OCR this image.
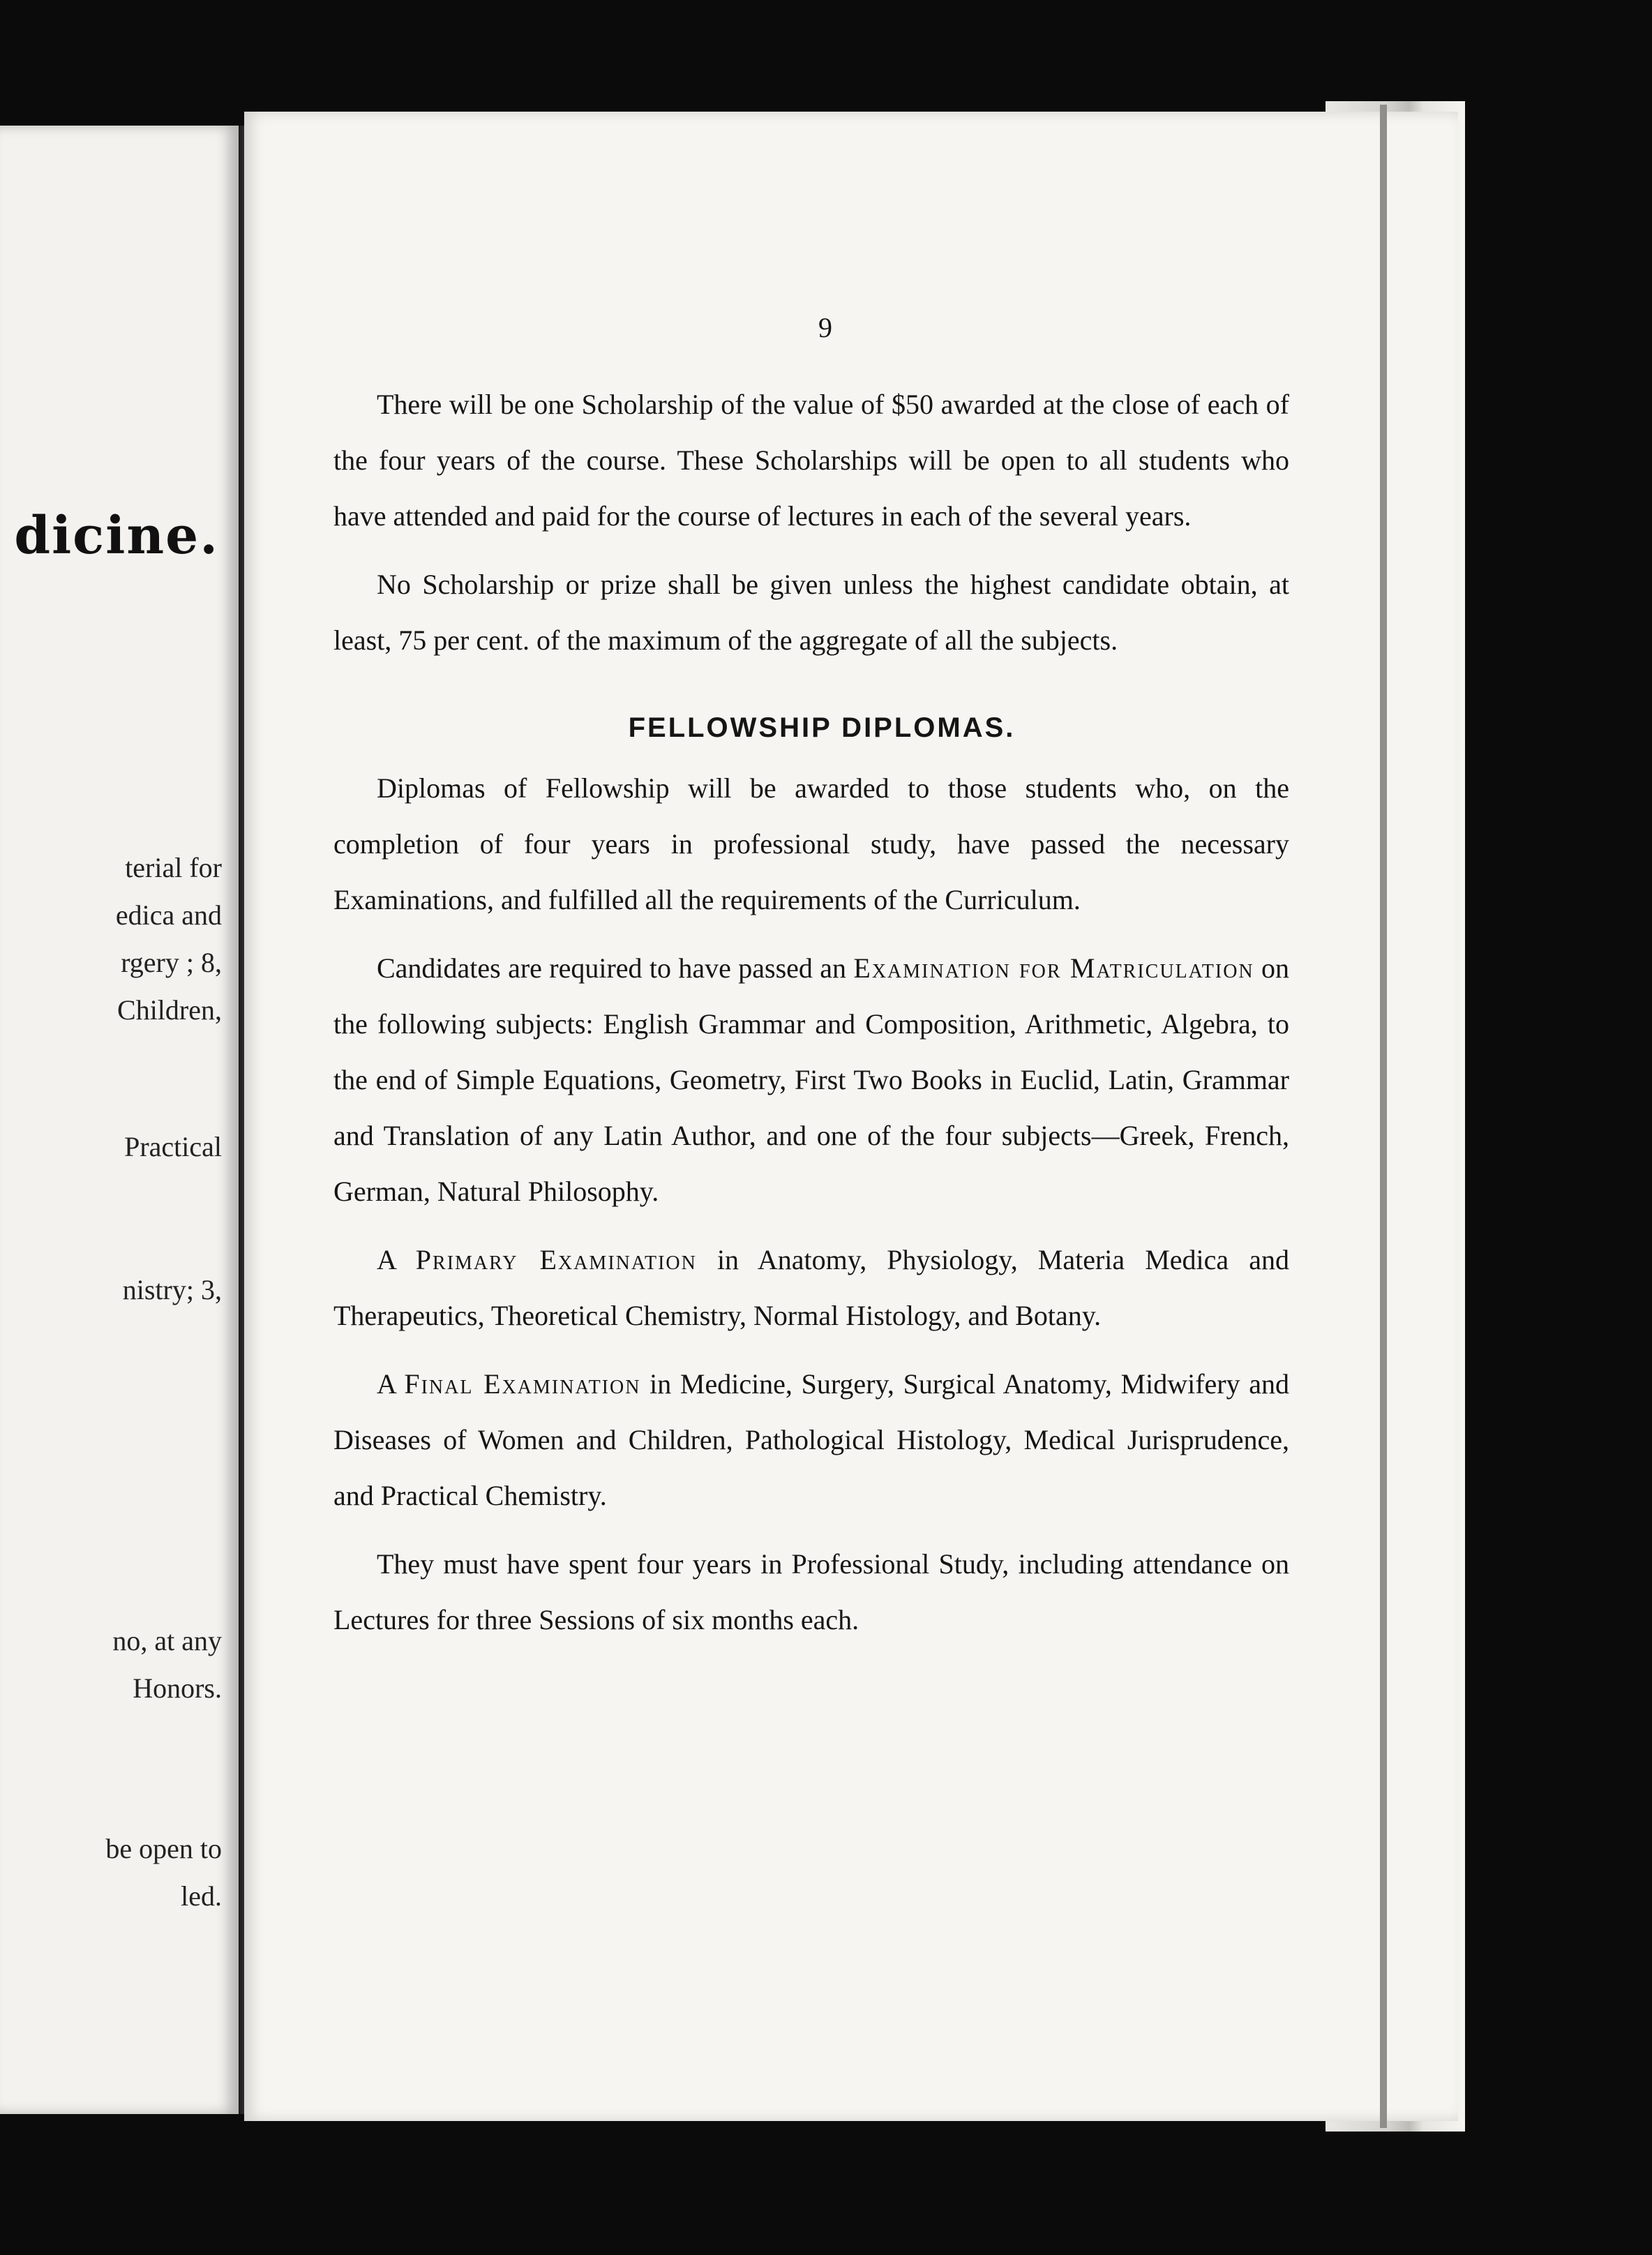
dicine.
terial for
edica and
rgery ; 8,
Children,
Practical
nistry; 3,
no, at any
Honors.
be open to
led.
9

There will be one Scholarship of the value of $50 awarded at the close of each of the four years of the course. These Scholarships will be open to all students who have attended and paid for the course of lectures in each of the several years.

No Scholarship or prize shall be given unless the highest candidate obtain, at least, 75 per cent. of the maximum of the aggregate of all the subjects.

FELLOWSHIP DIPLOMAS.

Diplomas of Fellowship will be awarded to those students who, on the completion of four years in professional study, have passed the necessary Examinations, and fulfilled all the requirements of the Curriculum.

Candidates are required to have passed an Examination for Matriculation on the following subjects: English Grammar and Composition, Arithmetic, Algebra, to the end of Simple Equations, Geometry, First Two Books in Euclid, Latin, Grammar and Translation of any Latin Author, and one of the four subjects—Greek, French, German, Natural Philosophy.

A Primary Examination in Anatomy, Physiology, Materia Medica and Therapeutics, Theoretical Chemistry, Normal Histology, and Botany.

A Final Examination in Medicine, Surgery, Surgical Anatomy, Midwifery and Diseases of Women and Children, Pathological Histology, Medical Jurisprudence, and Practical Chemistry.

They must have spent four years in Professional Study, including attendance on Lectures for three Sessions of six months each.
